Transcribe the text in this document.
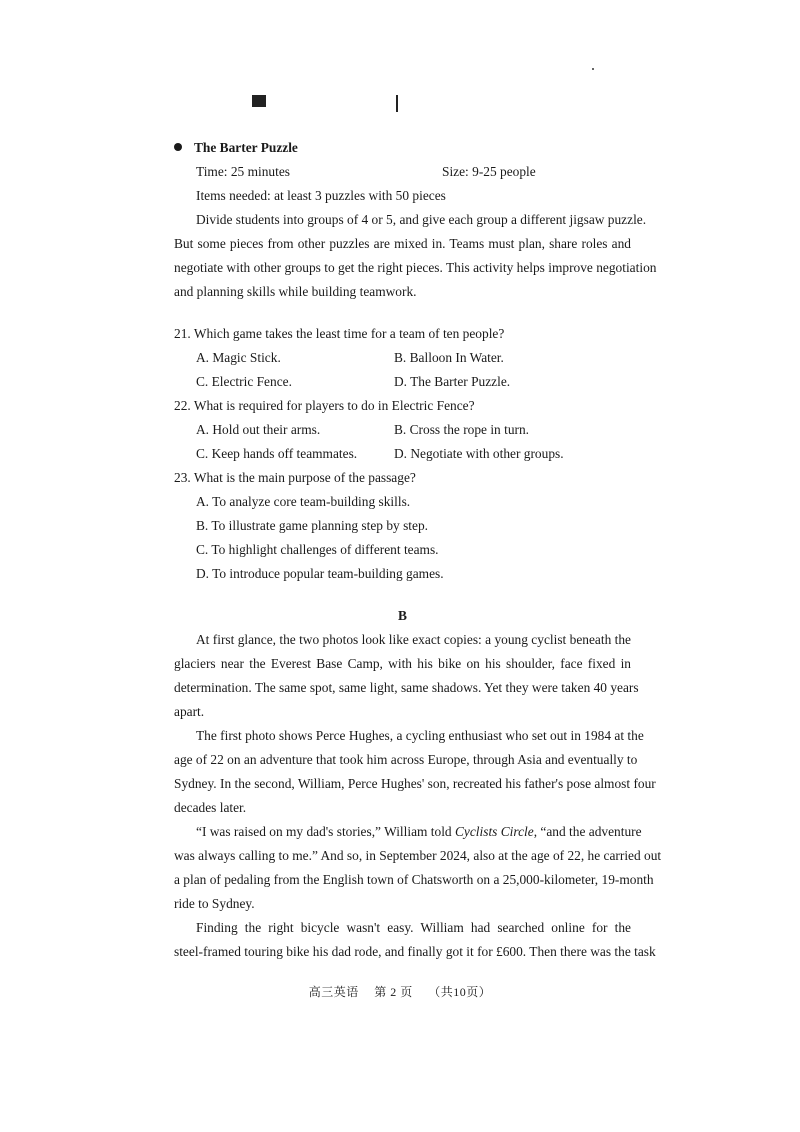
The Barter Puzzle
Time: 25 minutes	Size: 9-25 people
Items needed: at least 3 puzzles with 50 pieces
Divide students into groups of 4 or 5, and give each group a different jigsaw puzzle.
But some pieces from other puzzles are mixed in. Teams must plan, share roles and
negotiate with other groups to get the right pieces. This activity helps improve negotiation
and planning skills while building teamwork.
21. Which game takes the least time for a team of ten people?
A. Magic Stick.	B. Balloon In Water.
C. Electric Fence.	D. The Barter Puzzle.
22. What is required for players to do in Electric Fence?
A. Hold out their arms.	B. Cross the rope in turn.
C. Keep hands off teammates.	D. Negotiate with other groups.
23. What is the main purpose of the passage?
A. To analyze core team-building skills.
B. To illustrate game planning step by step.
C. To highlight challenges of different teams.
D. To introduce popular team-building games.
B
At first glance, the two photos look like exact copies: a young cyclist beneath the
glaciers near the Everest Base Camp, with his bike on his shoulder, face fixed in
determination. The same spot, same light, same shadows. Yet they were taken 40 years
apart.
The first photo shows Perce Hughes, a cycling enthusiast who set out in 1984 at the
age of 22 on an adventure that took him across Europe, through Asia and eventually to
Sydney. In the second, William, Perce Hughes' son, recreated his father's pose almost four
decades later.
“I was raised on my dad's stories,” William told Cyclists Circle, “and the adventure
was always calling to me.” And so, in September 2024, also at the age of 22, he carried out
a plan of pedaling from the English town of Chatsworth on a 25,000-kilometer, 19-month
ride to Sydney.
Finding the right bicycle wasn't easy. William had searched online for the
steel-framed touring bike his dad rode, and finally got it for £600. Then there was the task
高三英语 第 2 页 （共10页）
